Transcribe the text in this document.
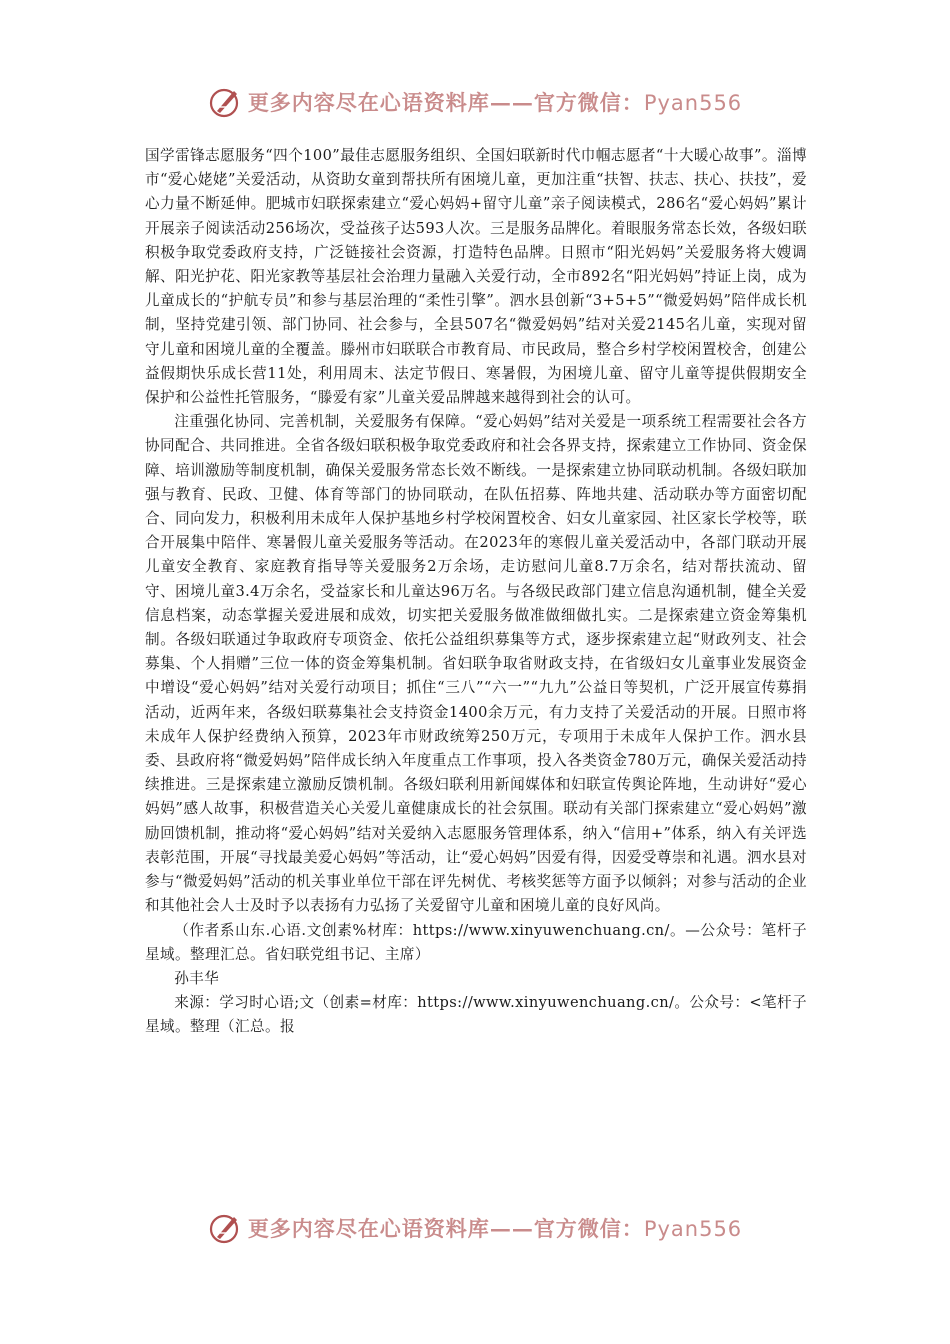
更多内容尽在心语资料库——官方微信：Pyan556

国学雷锋志愿服务“四个100”最佳志愿服务组织、全国妇联新时代巾帼志愿者“十大暖心故事”。淄博市“爱心姥姥”关爱活动，从资助女童到帮扶所有困境儿童，更加注重“扶智、扶志、扶心、扶技”，爱心力量不断延伸。肥城市妇联探索建立“爱心妈妈+留守儿童”亲子阅读模式，286名“爱心妈妈”累计开展亲子阅读活动256场次，受益孩子达593人次。三是服务品牌化。着眼服务常态长效，各级妇联积极争取党委政府支持，广泛链接社会资源，打造特色品牌。日照市“阳光妈妈”关爱服务将大嫂调解、阳光护花、阳光家教等基层社会治理力量融入关爱行动，全市892名“阳光妈妈”持证上岗，成为儿童成长的“护航专员”和参与基层治理的“柔性引擎”。泗水县创新“3+5+5”“微爱妈妈”陪伴成长机制，坚持党建引领、部门协同、社会参与，全县507名“微爱妈妈”结对关爱2145名儿童，实现对留守儿童和困境儿童的全覆盖。滕州市妇联联合市教育局、市民政局，整合乡村学校闲置校舍，创建公益假期快乐成长营11处，利用周末、法定节假日、寒暑假，为困境儿童、留守儿童等提供假期安全保护和公益性托管服务，“滕爱有家”儿童关爱品牌越来越得到社会的认可。

注重强化协同、完善机制，关爱服务有保障。“爱心妈妈”结对关爱是一项系统工程需要社会各方协同配合、共同推进。全省各级妇联积极争取党委政府和社会各界支持，探索建立工作协同、资金保障、培训激励等制度机制，确保关爱服务常态长效不断线。一是探索建立协同联动机制。各级妇联加强与教育、民政、卫健、体育等部门的协同联动，在队伍招募、阵地共建、活动联办等方面密切配合、同向发力，积极利用未成年人保护基地乡村学校闲置校舍、妇女儿童家园、社区家长学校等，联合开展集中陪伴、寒暑假儿童关爱服务等活动。在2023年的寒假儿童关爱活动中，各部门联动开展儿童安全教育、家庭教育指导等关爱服务2万余场，走访慰问儿童8.7万余名，结对帮扶流动、留守、困境儿童3.4万余名，受益家长和儿童达96万名。与各级民政部门建立信息沟通机制，健全关爱信息档案，动态掌握关爱进展和成效，切实把关爱服务做准做细做扎实。二是探索建立资金筹集机制。各级妇联通过争取政府专项资金、依托公益组织募集等方式，逐步探索建立起“财政列支、社会募集、个人捐赠”三位一体的资金筹集机制。省妇联争取省财政支持，在省级妇女儿童事业发展资金中增设“爱心妈妈”结对关爱行动项目；抓住“三八”“六一”“九九”公益日等契机，广泛开展宣传募捐活动，近两年来，各级妇联募集社会支持资金1400余万元，有力支持了关爱活动的开展。日照市将未成年人保护经费纳入预算，2023年市财政统筹250万元，专项用于未成年人保护工作。泗水县委、县政府将“微爱妈妈”陪伴成长纳入年度重点工作事项，投入各类资金780万元，确保关爱活动持续推进。三是探索建立激励反馈机制。各级妇联利用新闻媒体和妇联宣传舆论阵地，生动讲好“爱心妈妈”感人故事，积极营造关心关爱儿童健康成长的社会氛围。联动有关部门探索建立“爱心妈妈”激励回馈机制，推动将“爱心妈妈”结对关爱纳入志愿服务管理体系，纳入“信用+”体系，纳入有关评选表彰范围，开展“寻找最美爱心妈妈”等活动，让“爱心妈妈”因爱有得，因爱受尊崇和礼遇。泗水县对参与“微爱妈妈”活动的机关事业单位干部在评先树优、考核奖惩等方面予以倾斜；对参与活动的企业和其他社会人士及时予以表扬有力弘扬了关爱留守儿童和困境儿童的良好风尚。

（作者系山东.心语.文创素%材库：https://www.xinyuwenchuang.cn/。—公众号：笔杆子星域。整理汇总。省妇联党组书记、主席）

孙丰华

来源：学习时心语;文（创素=材库：https://www.xinyuwenchuang.cn/。公众号：<笔杆子星域。整理（汇总。报

更多内容尽在心语资料库——官方微信：Pyan556
